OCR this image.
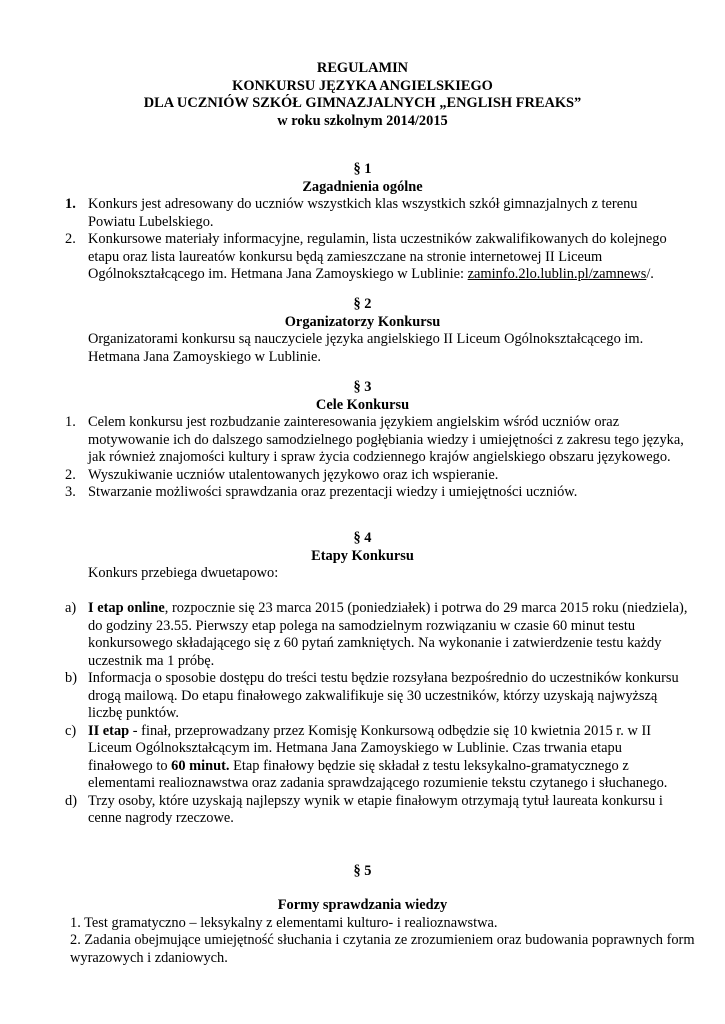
REGULAMIN
KONKURSU JĘZYKA ANGIELSKIEGO
DLA UCZNIÓW SZKÓŁ GIMNAZJALNYCH „ENGLISH FREAKS”
w roku szkolnym 2014/2015
§ 1
Zagadnienia ogólne
1. Konkurs jest adresowany do uczniów wszystkich klas wszystkich szkół gimnazjalnych z terenu Powiatu Lubelskiego.
2. Konkursowe materiały informacyjne, regulamin, lista uczestników zakwalifikowanych do kolejnego etapu oraz lista laureatów konkursu będą zamieszczane na stronie internetowej II Liceum Ogólnokształcącego im. Hetmana Jana Zamoyskiego w Lublinie: zaminfo.2lo.lublin.pl/zamnews/.
§ 2
Organizatorzy Konkursu
Organizatorami konkursu są nauczyciele języka angielskiego II Liceum Ogólnokształcącego im. Hetmana Jana Zamoyskiego w Lublinie.
§ 3
Cele Konkursu
1. Celem konkursu jest rozbudzanie zainteresowania językiem angielskim wśród uczniów oraz motywowanie ich do dalszego samodzielnego pogłębiania wiedzy i umiejętności z zakresu tego języka, jak również znajomości kultury i spraw życia codziennego krajów angielskiego obszaru językowego.
2. Wyszukiwanie uczniów utalentowanych językowo oraz ich wspieranie.
3. Stwarzanie możliwości sprawdzania oraz prezentacji wiedzy i umiejętności uczniów.
§ 4
Etapy Konkursu
Konkurs przebiega dwuetapowo:
a) I etap online, rozpocznie się 23 marca 2015 (poniedziałek) i potrwa do 29 marca 2015 roku (niedziela), do godziny 23.55. Pierwszy etap polega na samodzielnym rozwiązaniu w czasie 60 minut testu konkursowego składającego się z 60 pytań zamkniętych. Na wykonanie i zatwierdzenie testu każdy uczestnik ma 1 próbę.
b) Informacja o sposobie dostępu do treści testu będzie rozsyłana bezpośrednio do uczestników konkursu drogą mailową. Do etapu finałowego zakwalifikuje się 30 uczestników, którzy uzyskają najwyższą liczbę punktów.
c) II etap - finał, przeprowadzany przez Komisję Konkursową odbędzie się 10 kwietnia 2015 r. w II Liceum Ogólnokształcącym im. Hetmana Jana Zamoyskiego w Lublinie. Czas trwania etapu finałowego to 60 minut. Etap finałowy będzie się składał z testu leksykalno-gramatycznego z elementami realioznawstwa oraz zadania sprawdzającego rozumienie tekstu czytanego i słuchanego.
d) Trzy osoby, które uzyskają najlepszy wynik w etapie finałowym otrzymają tytuł laureata konkursu i cenne nagrody rzeczowe.
§ 5
Formy sprawdzania wiedzy
1. Test gramatyczno – leksykalny z elementami kulturo- i realioznawstwa.
2. Zadania obejmujące umiejętność słuchania i czytania ze zrozumieniem oraz budowania poprawnych form wyrazowych i zdaniowych.
